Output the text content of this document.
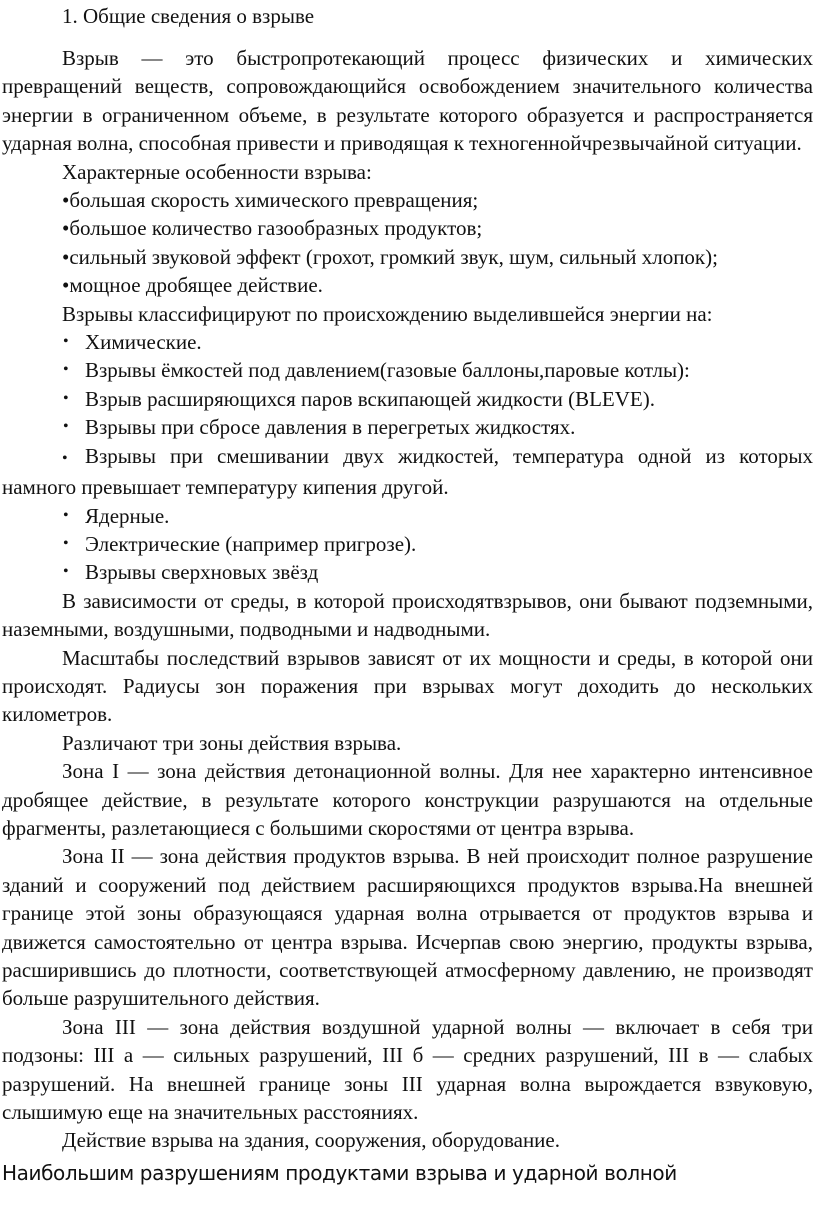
1. Общие сведения о взрыве

Взрыв — это быстропротекающий процесс физических и химических превращений веществ, сопровождающийся освобождением значительного количества энергии в ограниченном объеме, в результате которого образуется и распространяется ударная волна, способная привести и приводящая к техногеннойчрезвычайной ситуации.

Характерные особенности взрыва:

•большая скорость химического превращения;

•большое количество газообразных продуктов;

•сильный звуковой эффект (грохот, громкий звук, шум, сильный хлопок);

•мощное дробящее действие.

Взрывы классифицируют по происхождению выделившейся энергии на:

• Химические.
• Взрывы ёмкостей под давлением(газовые баллоны,паровые котлы):
• Взрыв расширяющихся паров вскипающей жидкости (BLEVE).
• Взрывы при сбросе давления в перегретых жидкостях.

• Взрывы при смешивании двух жидкостей, температура одной из которых намного превышает температуру кипения другой.

• Ядерные.
• Электрические (например пригрозе).
• Взрывы сверхновых звёзд

В зависимости от среды, в которой происходятвзрывов, они бывают подземными, наземными, воздушными, подводными и надводными.

Масштабы последствий взрывов зависят от их мощности и среды, в которой они происходят. Радиусы зон поражения при взрывах могут доходить до нескольких километров.

Различают три зоны действия взрыва.

Зона I — зона действия детонационной волны. Для нее характерно интенсивное дробящее действие, в результате которого конструкции разрушаются на отдельные фрагменты, разлетающиеся с большими скоростями от центра взрыва.

Зона II — зона действия продуктов взрыва. В ней происходит полное разрушение зданий и сооружений под действием расширяющихся продуктов взрыва.На внешней границе этой зоны образующаяся ударная волна отрывается от продуктов взрыва и движется самостоятельно от центра взрыва. Исчерпав свою энергию, продукты взрыва, расширившись до плотности, соответствующей атмосферному давлению, не производят больше разрушительного действия.

Зона III — зона действия воздушной ударной волны — включает в себя три подзоны: III а — сильных разрушений, III б — средних разрушений, III в — слабых разрушений. На внешней границе зоны III ударная волна вырождается взвуковую, слышимую еще на значительных расстояниях.

Действие взрыва на здания, сооружения, оборудование.

Наибольшим разрушениям продуктами взрыва и ударной волной
